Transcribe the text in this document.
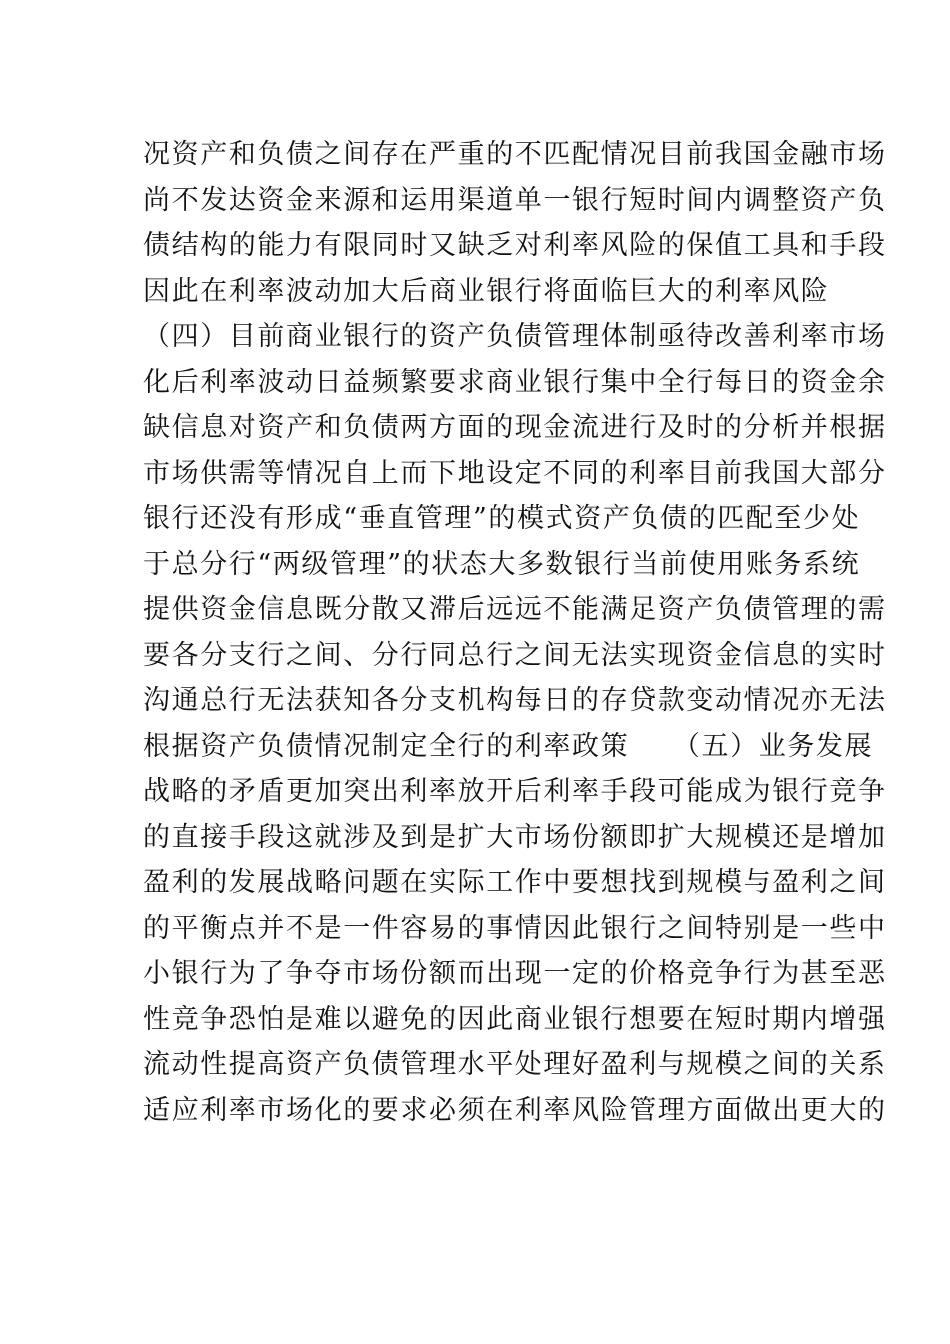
况资产和负债之间存在严重的不匹配情况目前我国金融市场
尚不发达资金来源和运用渠道单一银行短时间内调整资产负
债结构的能力有限同时又缺乏对利率风险的保值工具和手段
因此在利率波动加大后商业银行将面临巨大的利率风险
（四）目前商业银行的资产负债管理体制亟待改善利率市场
化后利率波动日益频繁要求商业银行集中全行每日的资金余
缺信息对资产和负债两方面的现金流进行及时的分析并根据
市场供需等情况自上而下地设定不同的利率目前我国大部分
银行还没有形成“垂直管理”的模式资产负债的匹配至少处
于总分行“两级管理”的状态大多数银行当前使用账务系统
提供资金信息既分散又滞后远远不能满足资产负债管理的需
要各分支行之间、分行同总行之间无法实现资金信息的实时
沟通总行无法获知各分支机构每日的存贷款变动情况亦无法
根据资产负债情况制定全行的利率政策　　（五）业务发展
战略的矛盾更加突出利率放开后利率手段可能成为银行竞争
的直接手段这就涉及到是扩大市场份额即扩大规模还是增加
盈利的发展战略问题在实际工作中要想找到规模与盈利之间
的平衡点并不是一件容易的事情因此银行之间特别是一些中
小银行为了争夺市场份额而出现一定的价格竞争行为甚至恶
性竞争恐怕是难以避免的因此商业银行想要在短时期内增强
流动性提高资产负债管理水平处理好盈利与规模之间的关系
适应利率市场化的要求必须在利率风险管理方面做出更大的
